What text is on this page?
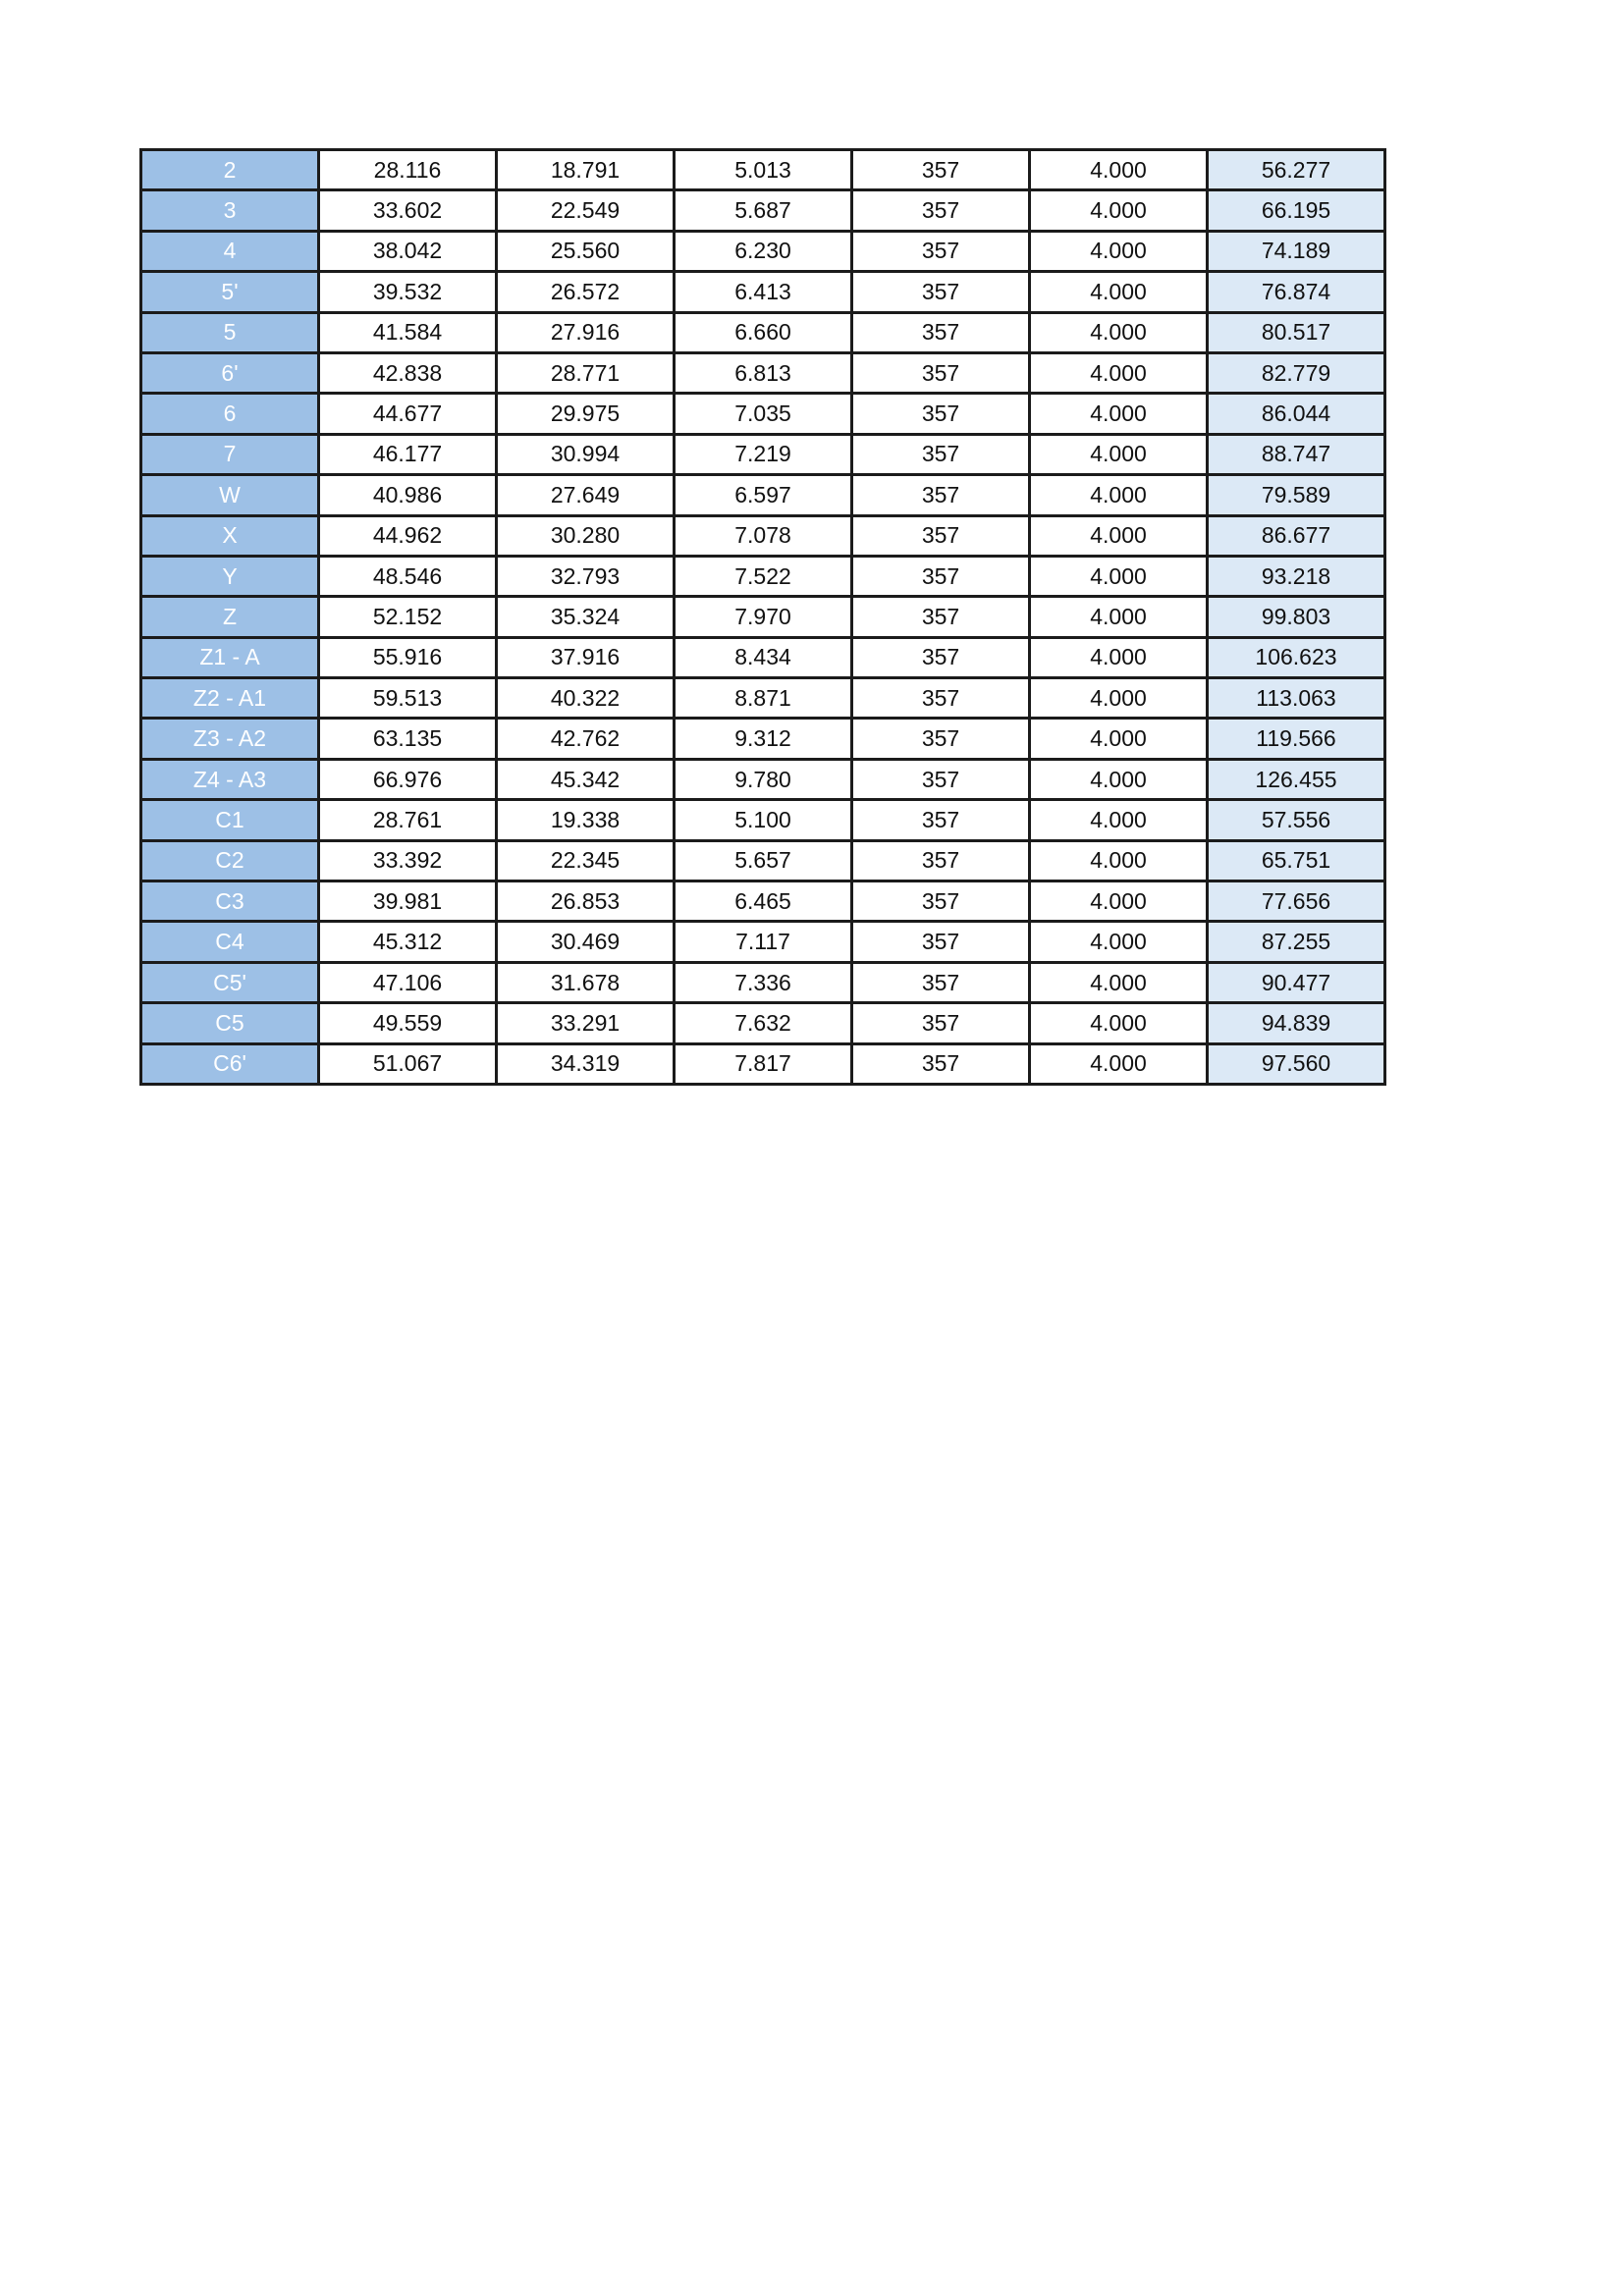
2	28.116	18.791	5.013	357	4.000	56.277
3	33.602	22.549	5.687	357	4.000	66.195
4	38.042	25.560	6.230	357	4.000	74.189
5'	39.532	26.572	6.413	357	4.000	76.874
5	41.584	27.916	6.660	357	4.000	80.517
6'	42.838	28.771	6.813	357	4.000	82.779
6	44.677	29.975	7.035	357	4.000	86.044
7	46.177	30.994	7.219	357	4.000	88.747
W	40.986	27.649	6.597	357	4.000	79.589
X	44.962	30.280	7.078	357	4.000	86.677
Y	48.546	32.793	7.522	357	4.000	93.218
Z	52.152	35.324	7.970	357	4.000	99.803
Z1 - A	55.916	37.916	8.434	357	4.000	106.623
Z2 - A1	59.513	40.322	8.871	357	4.000	113.063
Z3 - A2	63.135	42.762	9.312	357	4.000	119.566
Z4 - A3	66.976	45.342	9.780	357	4.000	126.455
C1	28.761	19.338	5.100	357	4.000	57.556
C2	33.392	22.345	5.657	357	4.000	65.751
C3	39.981	26.853	6.465	357	4.000	77.656
C4	45.312	30.469	7.117	357	4.000	87.255
C5'	47.106	31.678	7.336	357	4.000	90.477
C5	49.559	33.291	7.632	357	4.000	94.839
C6'	51.067	34.319	7.817	357	4.000	97.560
